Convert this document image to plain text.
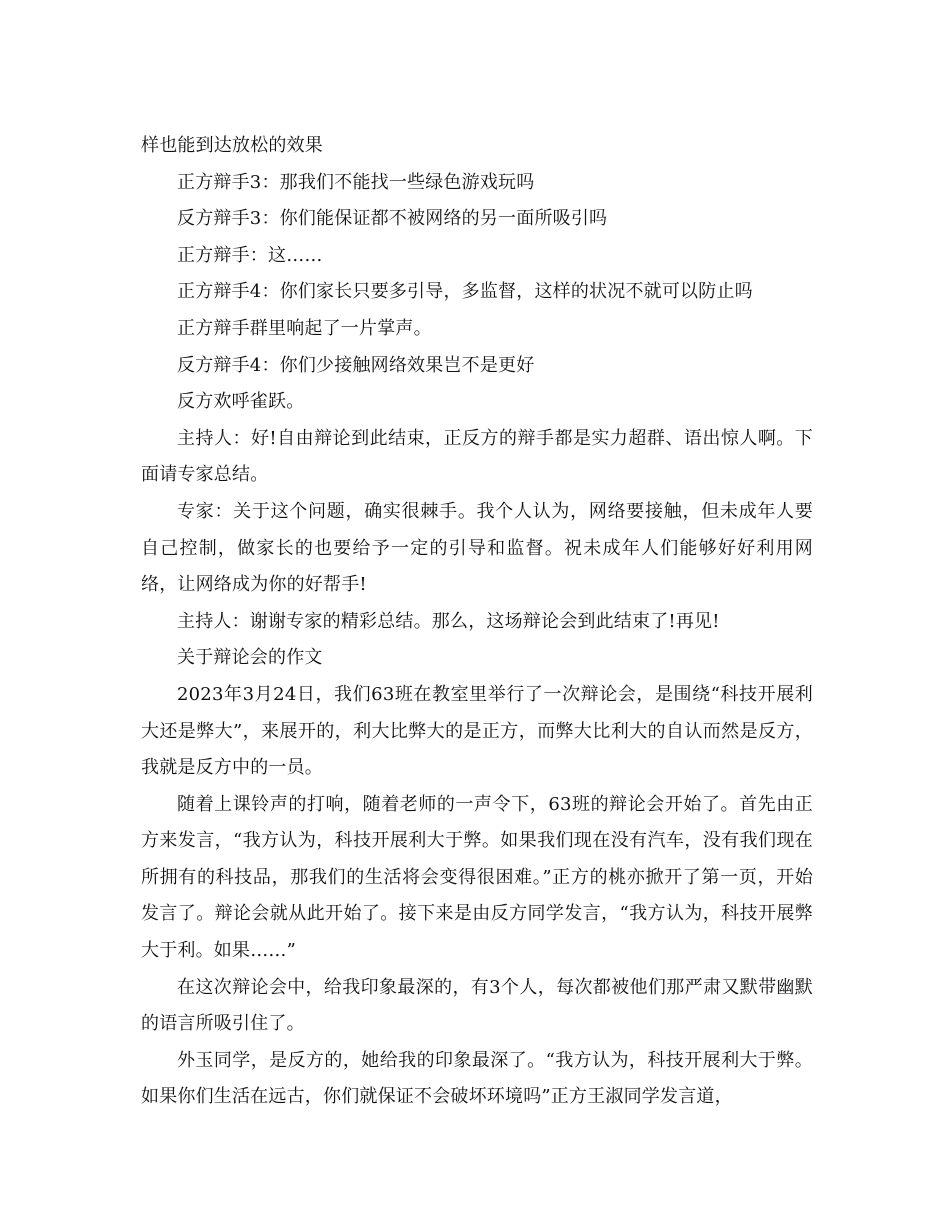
样也能到达放松的效果

正方辩手3：那我们不能找一些绿色游戏玩吗

反方辩手3：你们能保证都不被网络的另一面所吸引吗

正方辩手：这……

正方辩手4：你们家长只要多引导，多监督，这样的状况不就可以防止吗

正方辩手群里响起了一片掌声。

反方辩手4：你们少接触网络效果岂不是更好

反方欢呼雀跃。

主持人：好!自由辩论到此结束，正反方的辩手都是实力超群、语出惊人啊。下面请专家总结。

专家：关于这个问题，确实很棘手。我个人认为，网络要接触，但未成年人要自己控制，做家长的也要给予一定的引导和监督。祝未成年人们能够好好利用网络，让网络成为你的好帮手!

主持人：谢谢专家的精彩总结。那么，这场辩论会到此结束了!再见!

关于辩论会的作文

2023年3月24日，我们63班在教室里举行了一次辩论会，是围绕“科技开展利大还是弊大”，来展开的，利大比弊大的是正方，而弊大比利大的自认而然是反方，我就是反方中的一员。

随着上课铃声的打响，随着老师的一声令下，63班的辩论会开始了。首先由正方来发言，“我方认为，科技开展利大于弊。如果我们现在没有汽车，没有我们现在所拥有的科技品，那我们的生活将会变得很困难。”正方的桃亦掀开了第一页，开始发言了。辩论会就从此开始了。接下来是由反方同学发言，“我方认为，科技开展弊大于利。如果……”

在这次辩论会中，给我印象最深的，有3个人，每次都被他们那严肃又默带幽默的语言所吸引住了。

外玉同学，是反方的，她给我的印象最深了。“我方认为，科技开展利大于弊。如果你们生活在远古，你们就保证不会破坏环境吗”正方王淑同学发言道，
